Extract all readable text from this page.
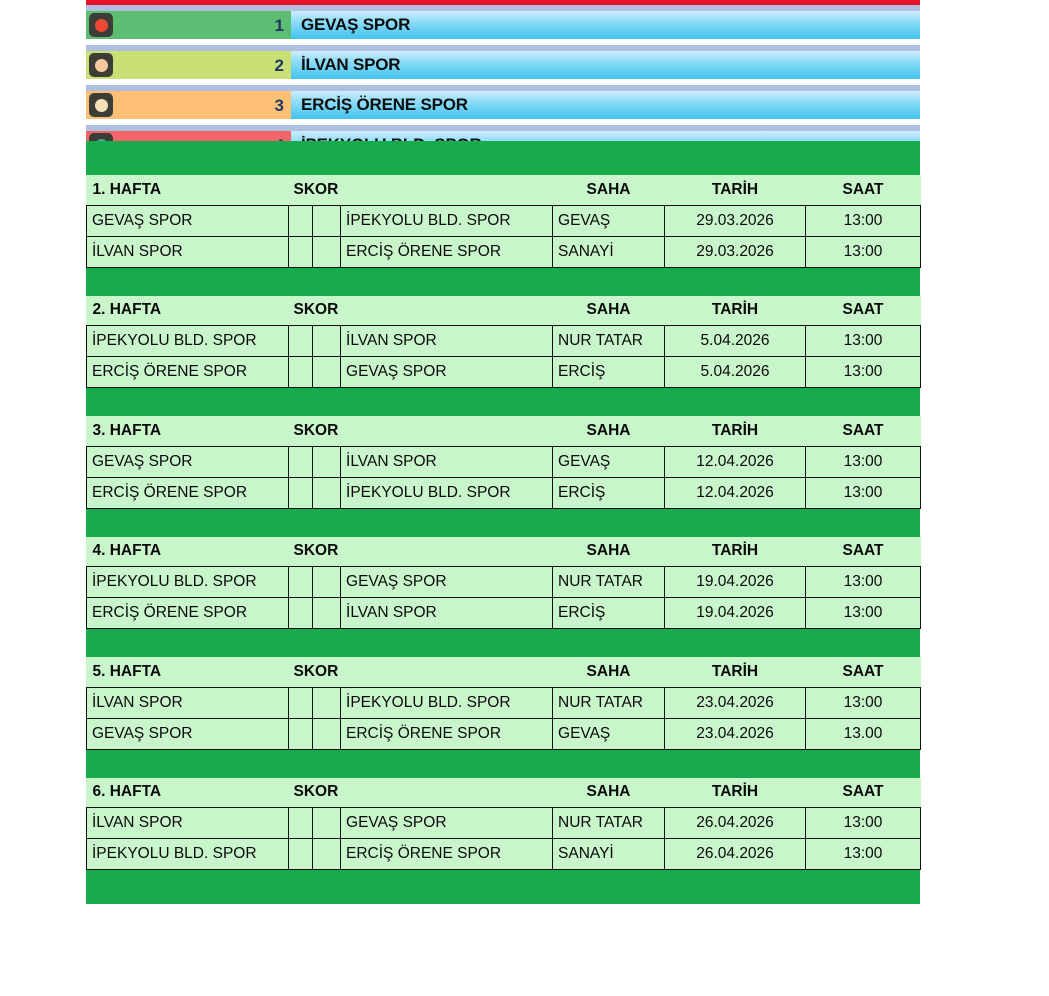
1	GEVAŞ SPOR
2	İLVAN SPOR
3	ERCİŞ ÖRENE SPOR
1. HAFTA	SKOR			SAHA	TARİH	SAAT
GEVAŞ SPOR			İPEKYOLU BLD. SPOR	GEVAŞ	29.03.2026	13:00
İLVAN SPOR			ERCİŞ ÖRENE SPOR	SANAYİ	29.03.2026	13:00
2. HAFTA	SKOR			SAHA	TARİH	SAAT
İPEKYOLU BLD. SPOR			İLVAN SPOR	NUR TATAR	5.04.2026	13:00
ERCİŞ ÖRENE SPOR			GEVAŞ SPOR	ERCİŞ	5.04.2026	13:00
3. HAFTA	SKOR			SAHA	TARİH	SAAT
GEVAŞ SPOR			İLVAN SPOR	GEVAŞ	12.04.2026	13:00
ERCİŞ ÖRENE SPOR			İPEKYOLU BLD. SPOR	ERCİŞ	12.04.2026	13:00
4. HAFTA	SKOR			SAHA	TARİH	SAAT
İPEKYOLU BLD. SPOR			GEVAŞ SPOR	NUR TATAR	19.04.2026	13:00
ERCİŞ ÖRENE SPOR			İLVAN SPOR	ERCİŞ	19.04.2026	13:00
5. HAFTA	SKOR			SAHA	TARİH	SAAT
İLVAN SPOR			İPEKYOLU BLD. SPOR	NUR TATAR	23.04.2026	13:00
GEVAŞ SPOR			ERCİŞ ÖRENE SPOR	GEVAŞ	23.04.2026	13.00
6. HAFTA	SKOR			SAHA	TARİH	SAAT
İLVAN SPOR			GEVAŞ SPOR	NUR TATAR	26.04.2026	13:00
İPEKYOLU BLD. SPOR			ERCİŞ ÖRENE SPOR	SANAYİ	26.04.2026	13:00
